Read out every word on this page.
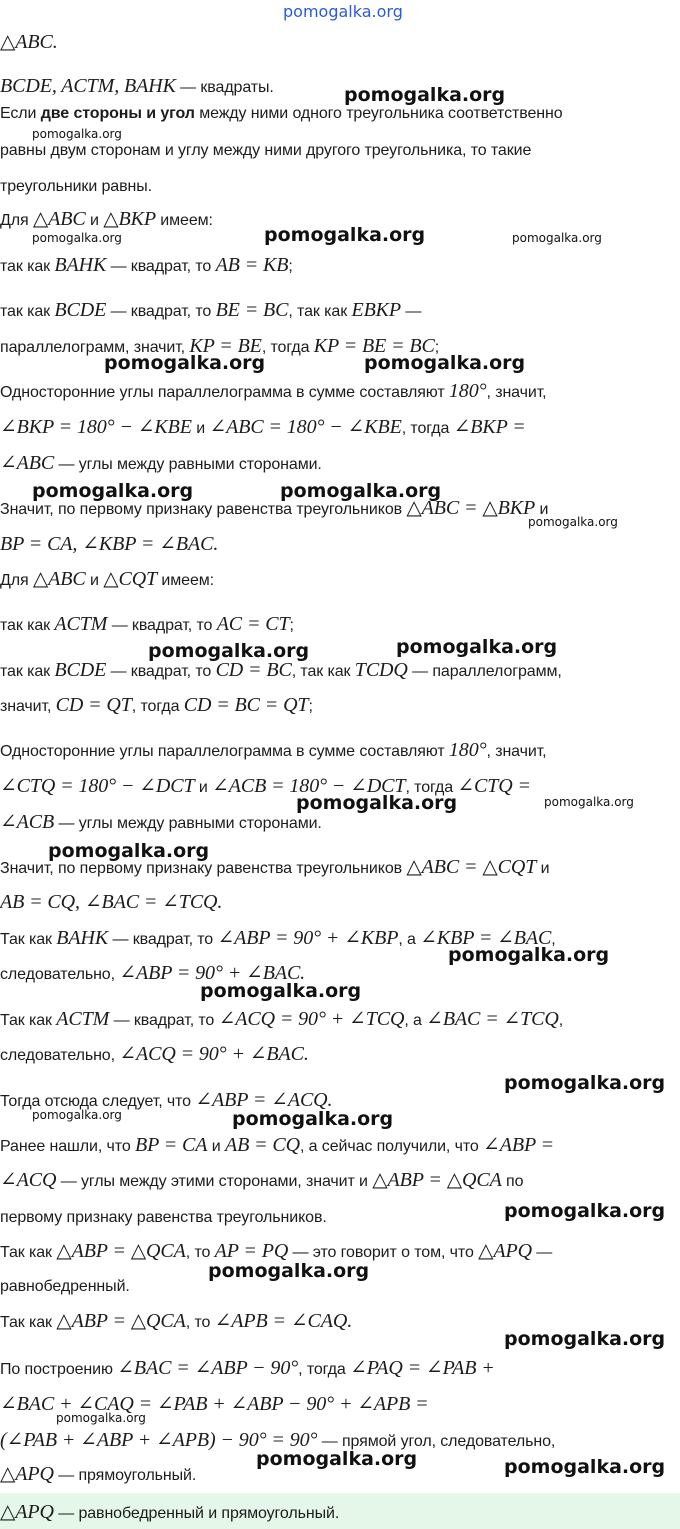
pomogalka.org

△ABC.

BCDE, ACTM, BAHK — квадраты.

Если две стороны и угол между ними одного треугольника соответственно

равны двум сторонам и углу между ними другого треугольника, то такие

треугольники равны.

Для △ABC и △BKP имеем:

так как BAHK — квадрат, то AB = KB;

так как BCDE — квадрат, то BE = BC, так как EBKP —

параллелограмм, значит, KP = BE, тогда KP = BE = BC;

Односторонние углы параллелограмма в сумме составляют 180°, значит,

∠BKP = 180° − ∠KBE и ∠ABC = 180° − ∠KBE, тогда ∠BKP =

∠ABC — углы между равными сторонами.

Значит, по первому признаку равенства треугольников △ABC = △BKP и

BP = CA, ∠KBP = ∠BAC.

Для △ABC и △CQT имеем:

так как ACTM — квадрат, то AC = CT;

так как BCDE — квадрат, то CD = BC, так как TCDQ — параллелограмм,

значит, CD = QT, тогда CD = BC = QT;

Односторонние углы параллелограмма в сумме составляют 180°, значит,

∠CTQ = 180° − ∠DCT и ∠ACB = 180° − ∠DCT, тогда ∠CTQ =

∠ACB — углы между равными сторонами.

Значит, по первому признаку равенства треугольников △ABC = △CQT и

AB = CQ, ∠BAC = ∠TCQ.

Так как BAHK — квадрат, то ∠ABP = 90° + ∠KBP, а ∠KBP = ∠BAC,

следовательно, ∠ABP = 90° + ∠BAC.

Так как ACTM — квадрат, то ∠ACQ = 90° + ∠TCQ, а ∠BAC = ∠TCQ,

следовательно, ∠ACQ = 90° + ∠BAC.

Тогда отсюда следует, что ∠ABP = ∠ACQ.

Ранее нашли, что BP = CA и AB = CQ, а сейчас получили, что ∠ABP =

∠ACQ — углы между этими сторонами, значит и △ABP = △QCA по

первому признаку равенства треугольников.

Так как △ABP = △QCA, то AP = PQ — это говорит о том, что △APQ —

равнобедренный.

Так как △ABP = △QCA, то ∠APB = ∠CAQ.

По построению ∠BAC = ∠ABP − 90°, тогда ∠PAQ = ∠PAB +

∠BAC + ∠CAQ = ∠PAB + ∠ABP − 90° + ∠APB =

(∠PAB + ∠ABP + ∠APB) − 90° = 90° — прямой угол, следовательно,

△APQ — прямоугольный.

△APQ — равнобедренный и прямоугольный.

pomogalka.org
pomogalka.org
pomogalka.org	pomogalka.org	pomogalka.org
pomogalka.org	pomogalka.org
pomogalka.org	pomogalka.org
pomogalka.org
pomogalka.org
pomogalka.org
pomogalka.org	pomogalka.org
pomogalka.org
pomogalka.org
pomogalka.org
pomogalka.org
pomogalka.org	pomogalka.org
pomogalka.org
pomogalka.org
pomogalka.org
pomogalka.org
pomogalka.org	pomogalka.org
